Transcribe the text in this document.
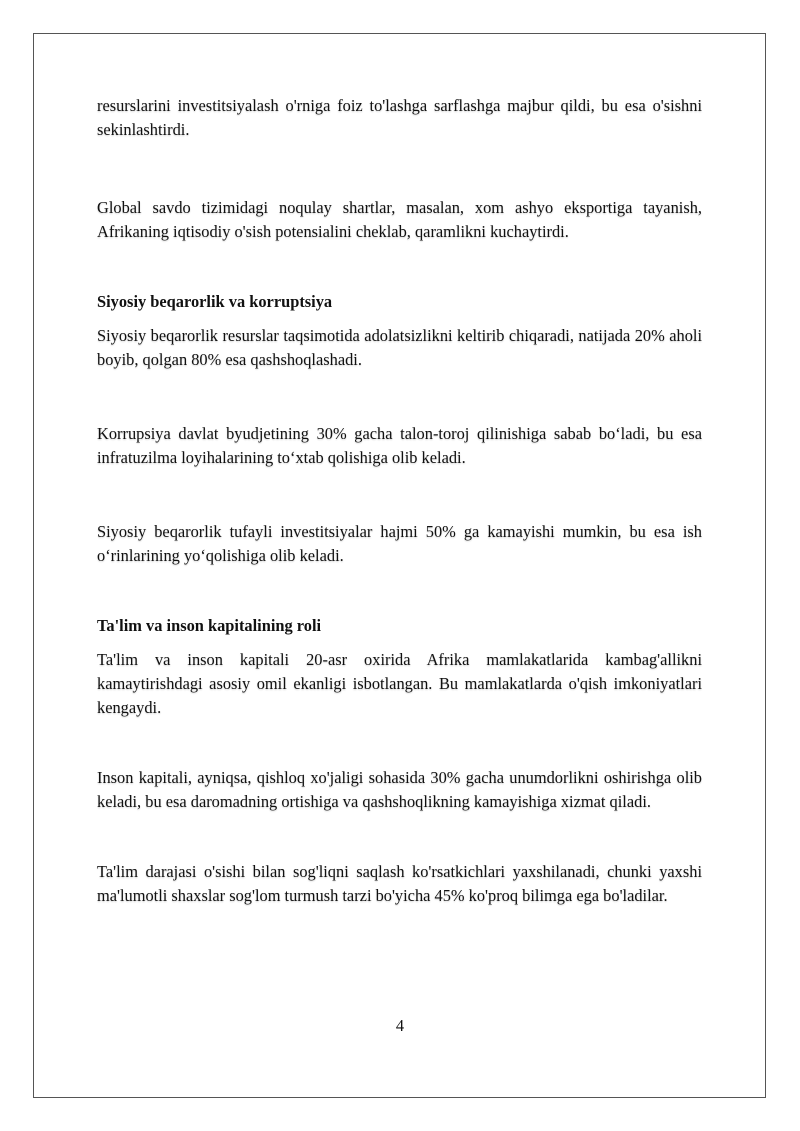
resurslarini investitsiyalash o'rniga foiz to'lashga sarflashga majbur qildi, bu esa o'sishni sekinlashtirdi.

Global savdo tizimidagi noqulay shartlar, masalan, xom ashyo eksportiga tayanish, Afrikaning iqtisodiy o'sish potensialini cheklab, qaramlikni kuchaytirdi.

Siyosiy beqarorlik va korruptsiya

Siyosiy beqarorlik resurslar taqsimotida adolatsizlikni keltirib chiqaradi, natijada 20% aholi boyib, qolgan 80% esa qashshoqlashadi.

Korrupsiya davlat byudjetining 30% gacha talon-toroj qilinishiga sabab bo‘ladi, bu esa infratuzilma loyihalarining to‘xtab qolishiga olib keladi.

Siyosiy beqarorlik tufayli investitsiyalar hajmi 50% ga kamayishi mumkin, bu esa ish o‘rinlarining yo‘qolishiga olib keladi.

Ta'lim va inson kapitalining roli

Ta'lim va inson kapitali 20-asr oxirida Afrika mamlakatlarida kambag'allikni kamaytirishdagi asosiy omil ekanligi isbotlangan. Bu mamlakatlarda o'qish imkoniyatlari kengaydi.

Inson kapitali, ayniqsa, qishloq xo'jaligi sohasida 30% gacha unumdorlikni oshirishga olib keladi, bu esa daromadning ortishiga va qashshoqlikning kamayishiga xizmat qiladi.

Ta'lim darajasi o'sishi bilan sog'liqni saqlash ko'rsatkichlari yaxshilanadi, chunki yaxshi ma'lumotli shaxslar sog'lom turmush tarzi bo'yicha 45% ko'proq bilimga ega bo'ladilar.

4
